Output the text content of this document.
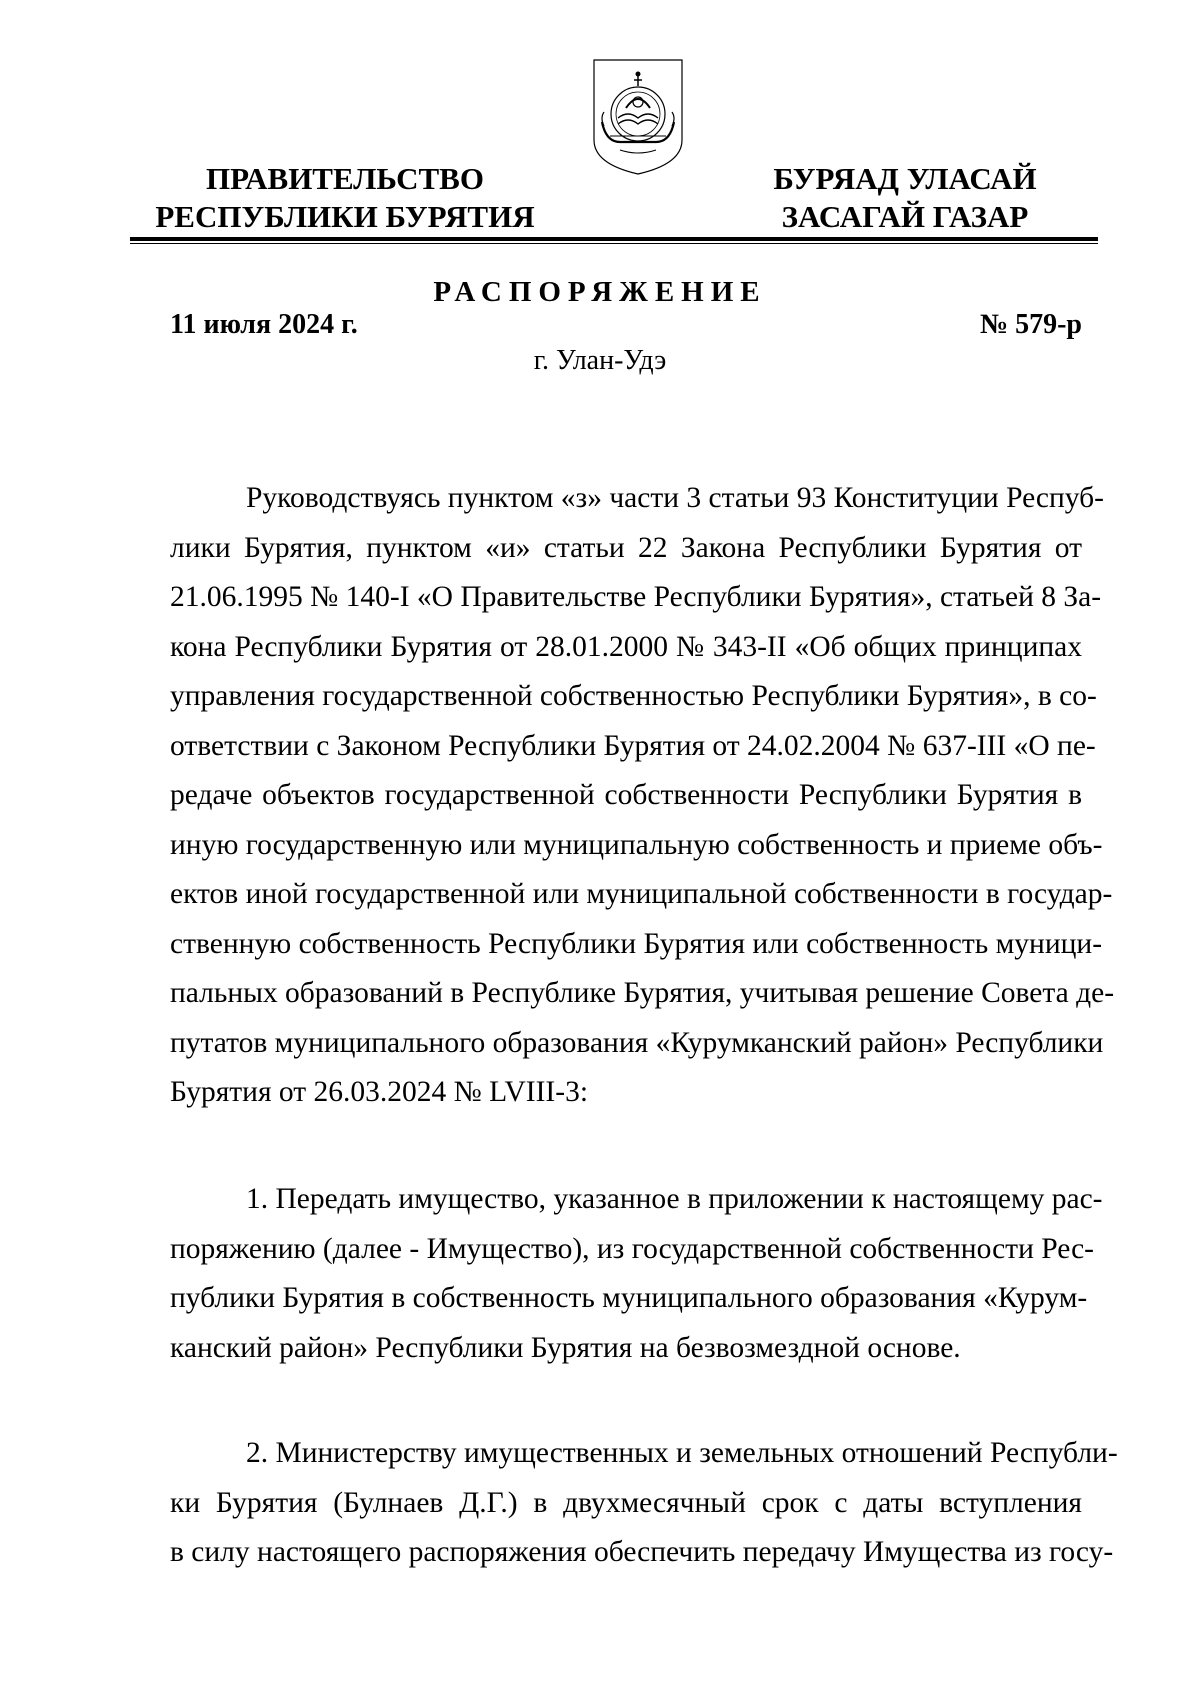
ПРАВИТЕЛЬСТВО
РЕСПУБЛИКИ БУРЯТИЯ
БУРЯАД УЛАСАЙ
ЗАСАГАЙ ГАЗАР
РАСПОРЯЖЕНИЕ
11 июля 2024 г.	№ 579-р
г. Улан-Удэ
Руководствуясь пунктом «з» части 3 статьи 93 Конституции Респуб-
лики Бурятия, пунктом «и» статьи 22 Закона Республики Бурятия от
21.06.1995 № 140-I «О Правительстве Республики Бурятия», статьей 8 За-
кона Республики Бурятия от 28.01.2000 № 343-II «Об общих принципах
управления государственной собственностью Республики Бурятия», в со-
ответствии с Законом Республики Бурятия от 24.02.2004 № 637-III «О пе-
редаче объектов государственной собственности Республики Бурятия в
иную государственную или муниципальную собственность и приеме объ-
ектов иной государственной или муниципальной собственности в государ-
ственную собственность Республики Бурятия или собственность муници-
пальных образований в Республике Бурятия, учитывая решение Совета де-
путатов муниципального образования «Курумканский район» Республики
Бурятия от 26.03.2024 № LVIII-3:
1. Передать имущество, указанное в приложении к настоящему рас-
поряжению (далее - Имущество), из государственной собственности Рес-
публики Бурятия в собственность муниципального образования «Курум-
канский район» Республики Бурятия на безвозмездной основе.
2. Министерству имущественных и земельных отношений Республи-
ки Бурятия (Булнаев Д.Г.) в двухмесячный срок с даты вступления
в силу настоящего распоряжения обеспечить передачу Имущества из госу-
